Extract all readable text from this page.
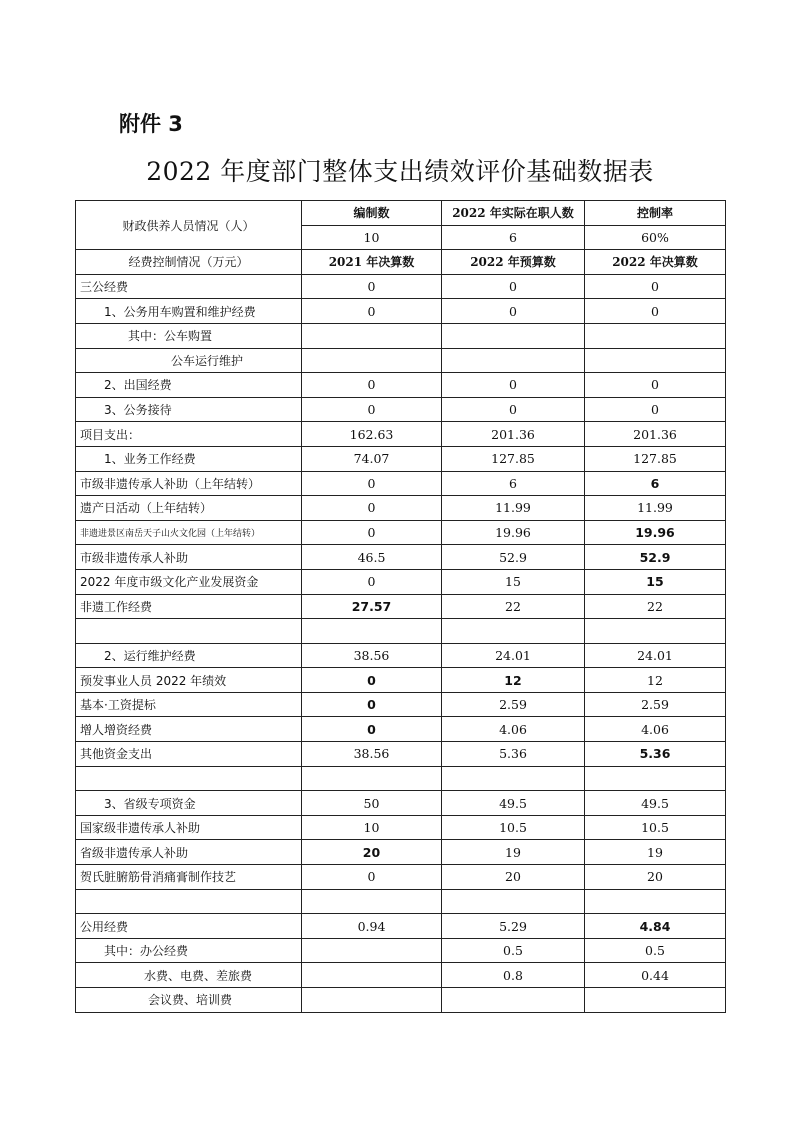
附件 3
2022 年度部门整体支出绩效评价基础数据表
财政供养人员情况（人）	编制数	2022 年实际在职人数	控制率
	10	6	60%
经费控制情况（万元）	2021 年决算数	2022 年预算数	2022 年决算数
三公经费	0	0	0
　　1、公务用车购置和维护经费	0	0	0
其中：公车购置			
公车运行维护			
　　2、出国经费	0	0	0
　　3、公务接待	0	0	0
项目支出：	162.63	201.36	201.36
　　1、业务工作经费	74.07	127.85	127.85
市级非遗传承人补助（上年结转）	0	6	6
遗产日活动（上年结转）	0	11.99	11.99
非遗进景区南岳天子山火文化园（上年结转）	0	19.96	19.96
市级非遗传承人补助	46.5	52.9	52.9
2022 年度市级文化产业发展资金	0	15	15
非遗工作经费	27.57	22	22

　　2、运行维护经费	38.56	24.01	24.01
预发事业人员 2022 年绩效	0	12	12
基本·工资提标	0	2.59	2.59
增人增资经费	0	4.06	4.06
其他资金支出	38.56	5.36	5.36

　　3、省级专项资金	50	49.5	49.5
国家级非遗传承人补助	10	10.5	10.5
省级非遗传承人补助	20	19	19
贺氏脏腑筋骨消痛膏制作技艺	0	20	20

公用经费	0.94	5.29	4.84
　　其中：办公经费		0.5	0.5
水费、电费、差旅费		0.8	0.44
会议费、培训费			
